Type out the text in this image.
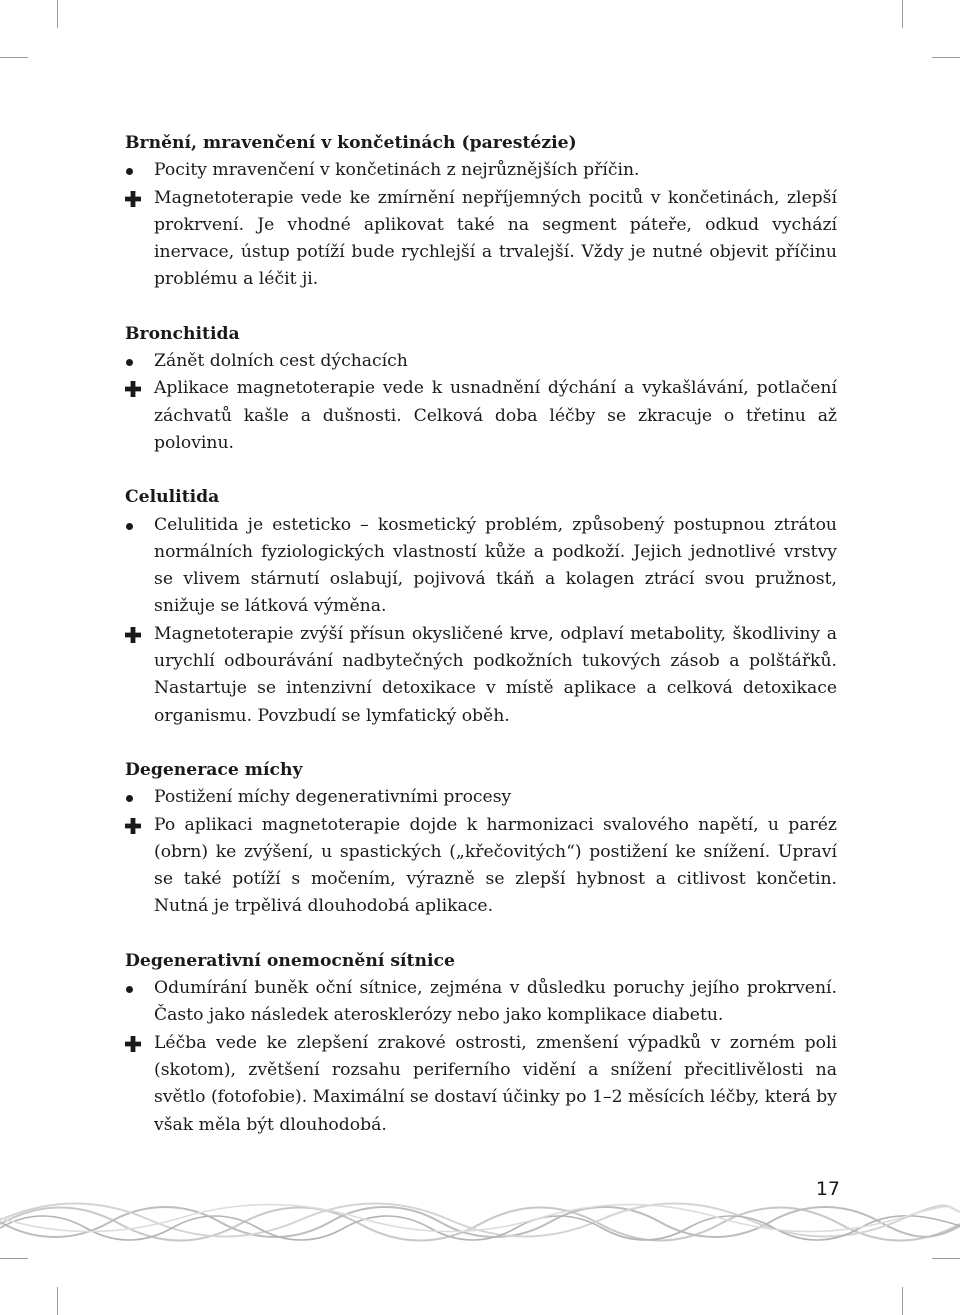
Brnění, mravenčení v končetinách (parestézie)
Pocity mravenčení v končetinách z nejrůznějších příčin.
Magnetoterapie vede ke zmírnění nepříjemných pocitů v končetinách, zlepší prokrvení. Je vhodné aplikovat také na segment páteře, odkud vychází inervace, ústup potíží bude rychlejší a trvalejší. Vždy je nutné objevit příčinu problému a léčit ji.
Bronchitida
Zánět dolních cest dýchacích
Aplikace magnetoterapie vede k usnadnění dýchání a vykašlávání, potlačení záchvatů kašle a dušnosti. Celková doba léčby se zkracuje o třetinu až polovinu.
Celulitida
Celulitida je esteticko – kosmetický problém, způsobený postupnou ztrátou normálních fyziologických vlastností kůže a podkoží. Jejich jednotlivé vrstvy se vlivem stárnutí oslabují, pojivová tkáň a kolagen ztrácí svou pružnost, snižuje se látková výměna.
Magnetoterapie zvýší přísun okysličené krve, odplaví metabolity, škodliviny a urychlí odbourávání nadbytečných podkožních tukových zásob a polštářků. Nastartuje se intenzivní detoxikace v místě aplikace a celková detoxikace organismu. Povzbudí se lymfatický oběh.
Degenerace míchy
Postižení míchy degenerativními procesy
Po aplikaci magnetoterapie dojde k harmonizaci svalového napětí, u paréz (obrn) ke zvýšení, u spastických („křečovitých“) postižení ke snížení. Upraví se také potíží s močením, výrazně se zlepší hybnost a citlivost končetin. Nutná je trpělivá dlouhodobá aplikace.
Degenerativní onemocnění sítnice
Odumírání buněk oční sítnice, zejména v důsledku poruchy jejího prokrvení. Často jako následek aterosklerózy nebo jako komplikace diabetu.
Léčba vede ke zlepšení zrakové ostrosti, zmenšení výpadků v zorném poli (skotom), zvětšení rozsahu periferního vidění a snížení přecitlivělosti na světlo (fotofobie). Maximální se dostaví účinky po 1–2 měsících léčby, která by však měla být dlouhodobá.
17
